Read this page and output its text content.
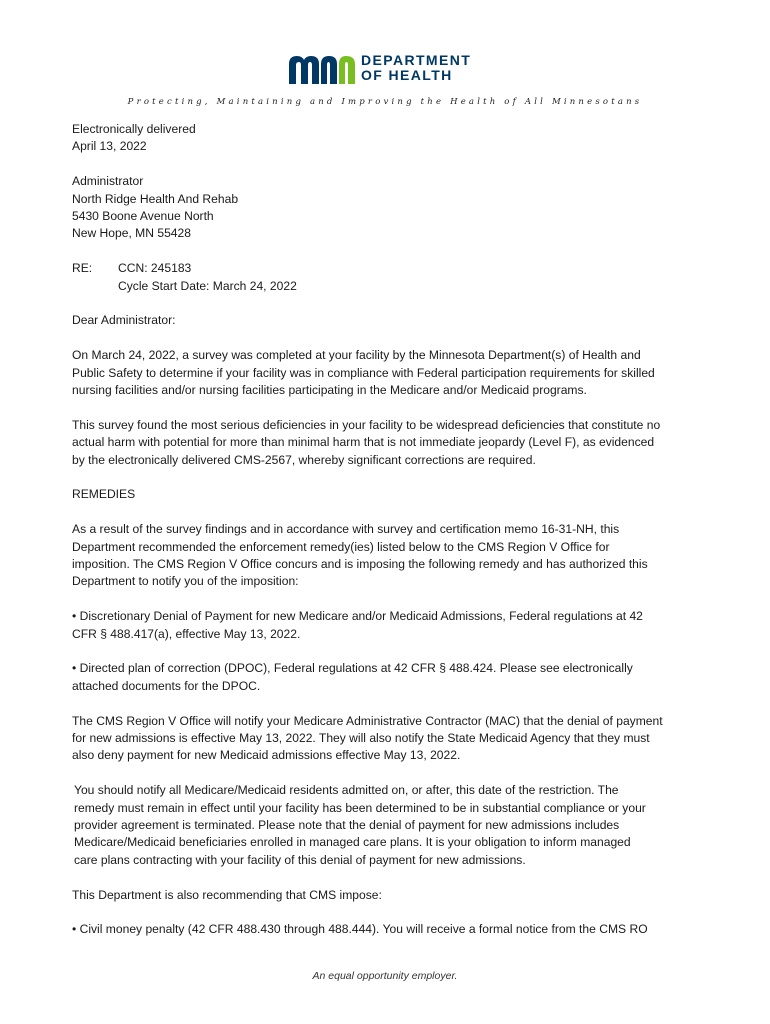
DEPARTMENT
OF HEALTH
Protecting, Maintaining and Improving the Health of All Minnesotans
Electronically delivered
April 13, 2022
Administrator
North Ridge Health And Rehab
5430 Boone Avenue North
New Hope, MN 55428
RE:	CCN: 245183
Cycle Start Date: March 24, 2022

Dear Administrator:

On March 24, 2022, a survey was completed at your facility by the Minnesota Department(s) of Health and
Public Safety to determine if your facility was in compliance with Federal participation requirements for skilled
nursing facilities and/or nursing facilities participating in the Medicare and/or Medicaid programs.

This survey found the most serious deficiencies in your facility to be widespread deficiencies that constitute no
actual harm with potential for more than minimal harm that is not immediate jeopardy (Level F), as evidenced
by the electronically delivered CMS-2567, whereby significant corrections are required.

REMEDIES

As a result of the survey findings and in accordance with survey and certification memo 16-31-NH, this
Department recommended the enforcement remedy(ies) listed below to the CMS Region V Office for
imposition. The CMS Region V Office concurs and is imposing the following remedy and has authorized this
Department to notify you of the imposition:

• Discretionary Denial of Payment for new Medicare and/or Medicaid Admissions, Federal regulations at 42
CFR § 488.417(a), effective May 13, 2022.

• Directed plan of correction (DPOC), Federal regulations at 42 CFR § 488.424. Please see electronically
attached documents for the DPOC.

The CMS Region V Office will notify your Medicare Administrative Contractor (MAC) that the denial of payment
for new admissions is effective May 13, 2022. They will also notify the State Medicaid Agency that they must
also deny payment for new Medicaid admissions effective May 13, 2022.

You should notify all Medicare/Medicaid residents admitted on, or after, this date of the restriction. The
remedy must remain in effect until your facility has been determined to be in substantial compliance or your
provider agreement is terminated. Please note that the denial of payment for new admissions includes
Medicare/Medicaid beneficiaries enrolled in managed care plans. It is your obligation to inform managed
care plans contracting with your facility of this denial of payment for new admissions.

This Department is also recommending that CMS impose:

• Civil money penalty (42 CFR 488.430 through 488.444). You will receive a formal notice from the CMS RO

An equal opportunity employer.
